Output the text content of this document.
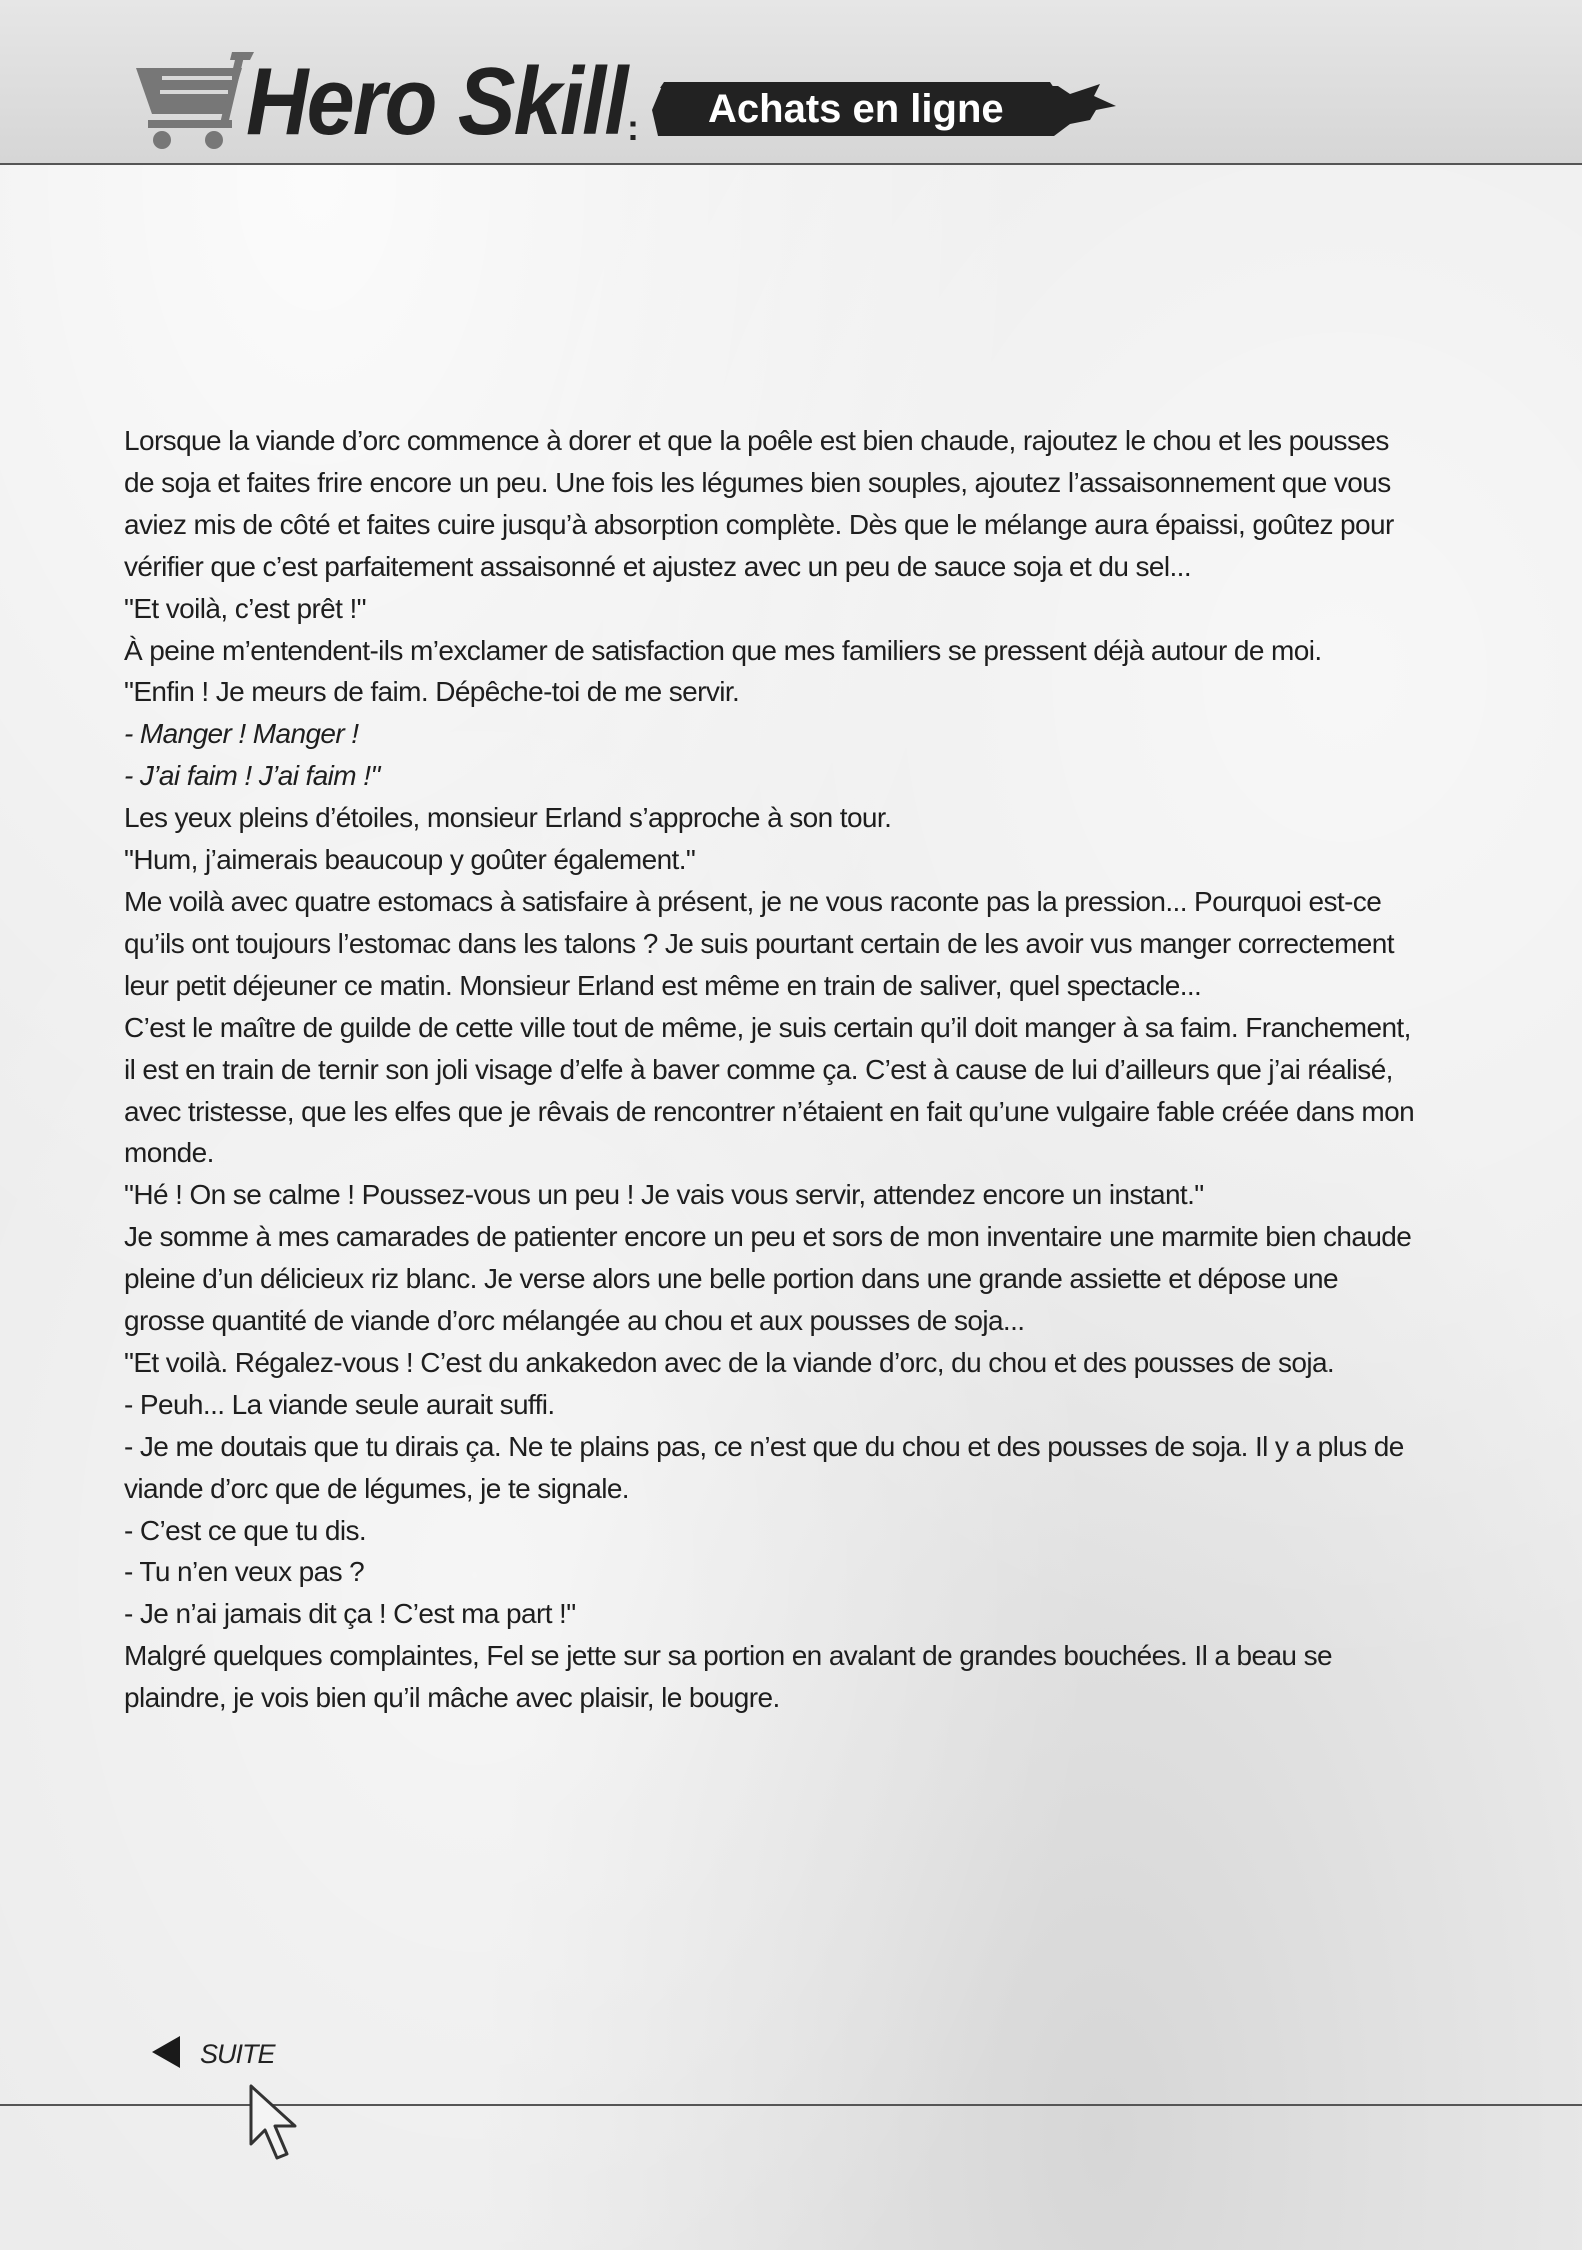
Hero Skill : Achats en ligne

Lorsque la viande d’orc commence à dorer et que la poêle est bien chaude, rajoutez le chou et les pousses de soja et faites frire encore un peu. Une fois les légumes bien souples, ajoutez l’assaisonnement que vous aviez mis de côté et faites cuire jusqu’à absorption complète. Dès que le mélange aura épaissi, goûtez pour vérifier que c’est parfaitement assaisonné et ajustez avec un peu de sauce soja et du sel...

"Et voilà, c’est prêt !"

À peine m’entendent-ils m’exclamer de satisfaction que mes familiers se pressent déjà autour de moi.

"Enfin ! Je meurs de faim. Dépêche-toi de me servir.

- Manger ! Manger !

- J’ai faim ! J’ai faim !"

Les yeux pleins d’étoiles, monsieur Erland s’approche à son tour.

"Hum, j’aimerais beaucoup y goûter également."

Me voilà avec quatre estomacs à satisfaire à présent, je ne vous raconte pas la pression... Pourquoi est-ce qu’ils ont toujours l’estomac dans les talons ? Je suis pourtant certain de les avoir vus manger correctement leur petit déjeuner ce matin. Monsieur Erland est même en train de saliver, quel spectacle...

C’est le maître de guilde de cette ville tout de même, je suis certain qu’il doit manger à sa faim. Franchement, il est en train de ternir son joli visage d’elfe à baver comme ça. C’est à cause de lui d’ailleurs que j’ai réalisé, avec tristesse, que les elfes que je rêvais de rencontrer n’étaient en fait qu’une vulgaire fable créée dans mon monde.

"Hé ! On se calme ! Poussez-vous un peu ! Je vais vous servir, attendez encore un instant."

Je somme à mes camarades de patienter encore un peu et sors de mon inventaire une marmite bien chaude pleine d’un délicieux riz blanc. Je verse alors une belle portion dans une grande assiette et dépose une grosse quantité de viande d’orc mélangée au chou et aux pousses de soja...

"Et voilà. Régalez-vous ! C’est du ankakedon avec de la viande d’orc, du chou et des pousses de soja.

- Peuh... La viande seule aurait suffi.

- Je me doutais que tu dirais ça. Ne te plains pas, ce n’est que du chou et des pousses de soja. Il y a plus de viande d’orc que de légumes, je te signale.

- C’est ce que tu dis.

- Tu n’en veux pas ?

- Je n’ai jamais dit ça ! C’est ma part !"

Malgré quelques complaintes, Fel se jette sur sa portion en avalant de grandes bouchées. Il a beau se plaindre, je vois bien qu’il mâche avec plaisir, le bougre.

SUITE
